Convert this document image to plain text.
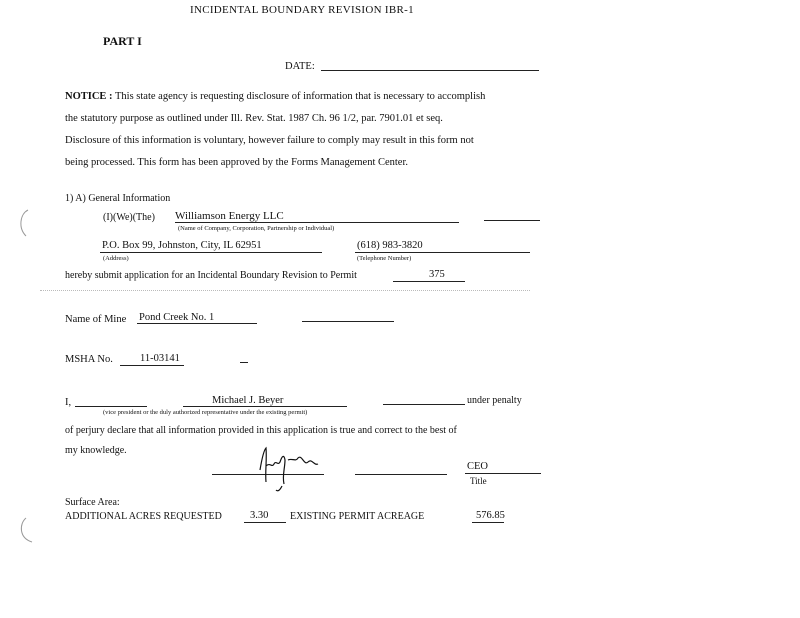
INCIDENTAL BOUNDARY REVISION IBR-1
PART I
DATE:
NOTICE : This state agency is requesting disclosure of information that is necessary to accomplish
the statutory purpose as outlined under Ill. Rev. Stat. 1987 Ch. 96 1/2, par. 7901.01 et seq.
Disclosure of this information is voluntary, however failure to comply may result in this form not
being processed. This form has been approved by the Forms Management Center.
1) A) General Information
(I)(We)(The) Williamson Energy LLC
(Name of Company, Corporation, Partnership or Individual)
P.O. Box 99, Johnston, City, IL 62951	(618) 983-3820
(Address)	(Telephone Number)
hereby submit application for an Incidental Boundary Revision to Permit	375
Name of Mine Pond Creek No. 1
MSHA No.	11-03141
I,	Michael J. Beyer	under penalty
(vice president or the duly authorized representative under the existing permit)
of perjury declare that all information provided in this application is true and correct to the best of
my knowledge.
CEO
Title
Surface Area:
ADDITIONAL ACRES REQUESTED	3.30 EXISTING PERMIT ACREAGE	576.85
